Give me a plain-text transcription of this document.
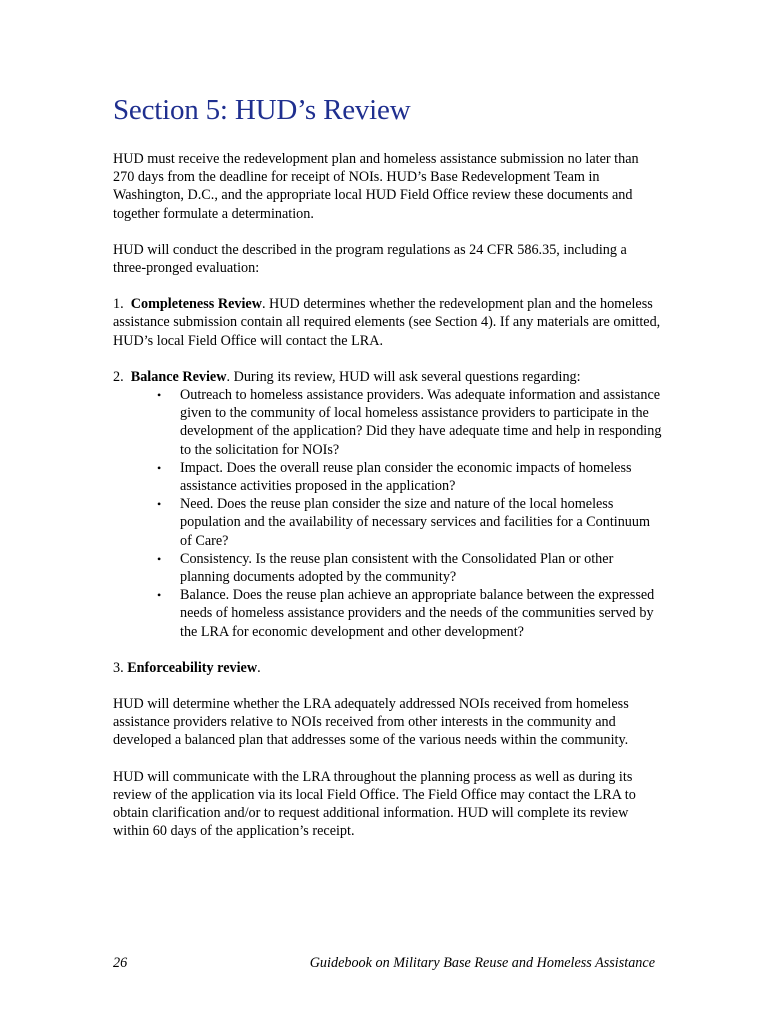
Section 5: HUD’s Review

HUD must receive the redevelopment plan and homeless assistance submission no later than 270 days from the deadline for receipt of NOIs. HUD’s Base Redevelopment Team in Washington, D.C., and the appropriate local HUD Field Office review these documents and together formulate a determination.

HUD will conduct the described in the program regulations as 24 CFR 586.35, including a three-pronged evaluation:

1. Completeness Review. HUD determines whether the redevelopment plan and the homeless assistance submission contain all required elements (see Section 4). If any materials are omitted, HUD’s local Field Office will contact the LRA.

2. Balance Review. During its review, HUD will ask several questions regarding:

• Outreach to homeless assistance providers. Was adequate information and assistance given to the community of local homeless assistance providers to participate in the development of the application? Did they have adequate time and help in responding to the solicitation for NOIs?
• Impact. Does the overall reuse plan consider the economic impacts of homeless assistance activities proposed in the application?
• Need. Does the reuse plan consider the size and nature of the local homeless population and the availability of necessary services and facilities for a Continuum of Care?
• Consistency. Is the reuse plan consistent with the Consolidated Plan or other planning documents adopted by the community?
• Balance. Does the reuse plan achieve an appropriate balance between the expressed needs of homeless assistance providers and the needs of the communities served by the LRA for economic development and other development?

3. Enforceability review.

HUD will determine whether the LRA adequately addressed NOIs received from homeless assistance providers relative to NOIs received from other interests in the community and developed a balanced plan that addresses some of the various needs within the community.

HUD will communicate with the LRA throughout the planning process as well as during its review of the application via its local Field Office. The Field Office may contact the LRA to obtain clarification and/or to request additional information. HUD will complete its review within 60 days of the application’s receipt.

26	Guidebook on Military Base Reuse and Homeless Assistance
